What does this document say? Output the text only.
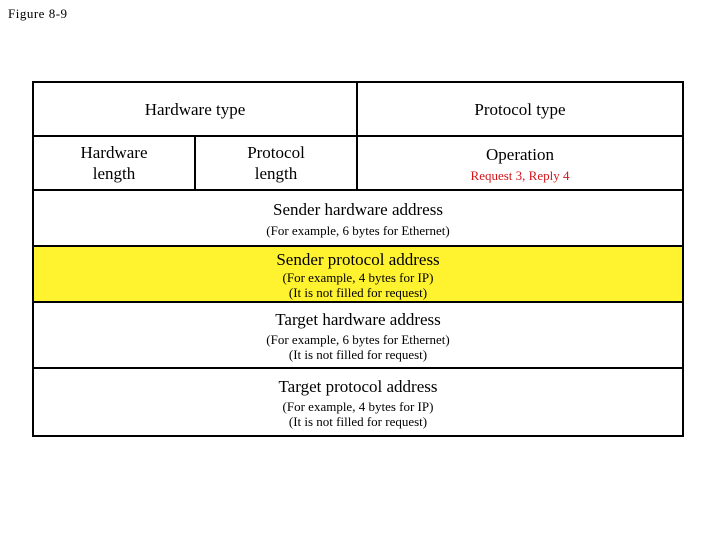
Figure 8-9
Hardware type	Protocol type
Hardware
length
Protocol
length
Operation
Request 3, Reply 4
Sender hardware address
(For example, 6 bytes for Ethernet)
Sender protocol address
(For example, 4 bytes for IP)
(It is not filled for request)
Target hardware address
(For example, 6 bytes for Ethernet)
(It is not filled for request)
Target protocol address
(For example, 4 bytes for IP)
(It is not filled for request)
